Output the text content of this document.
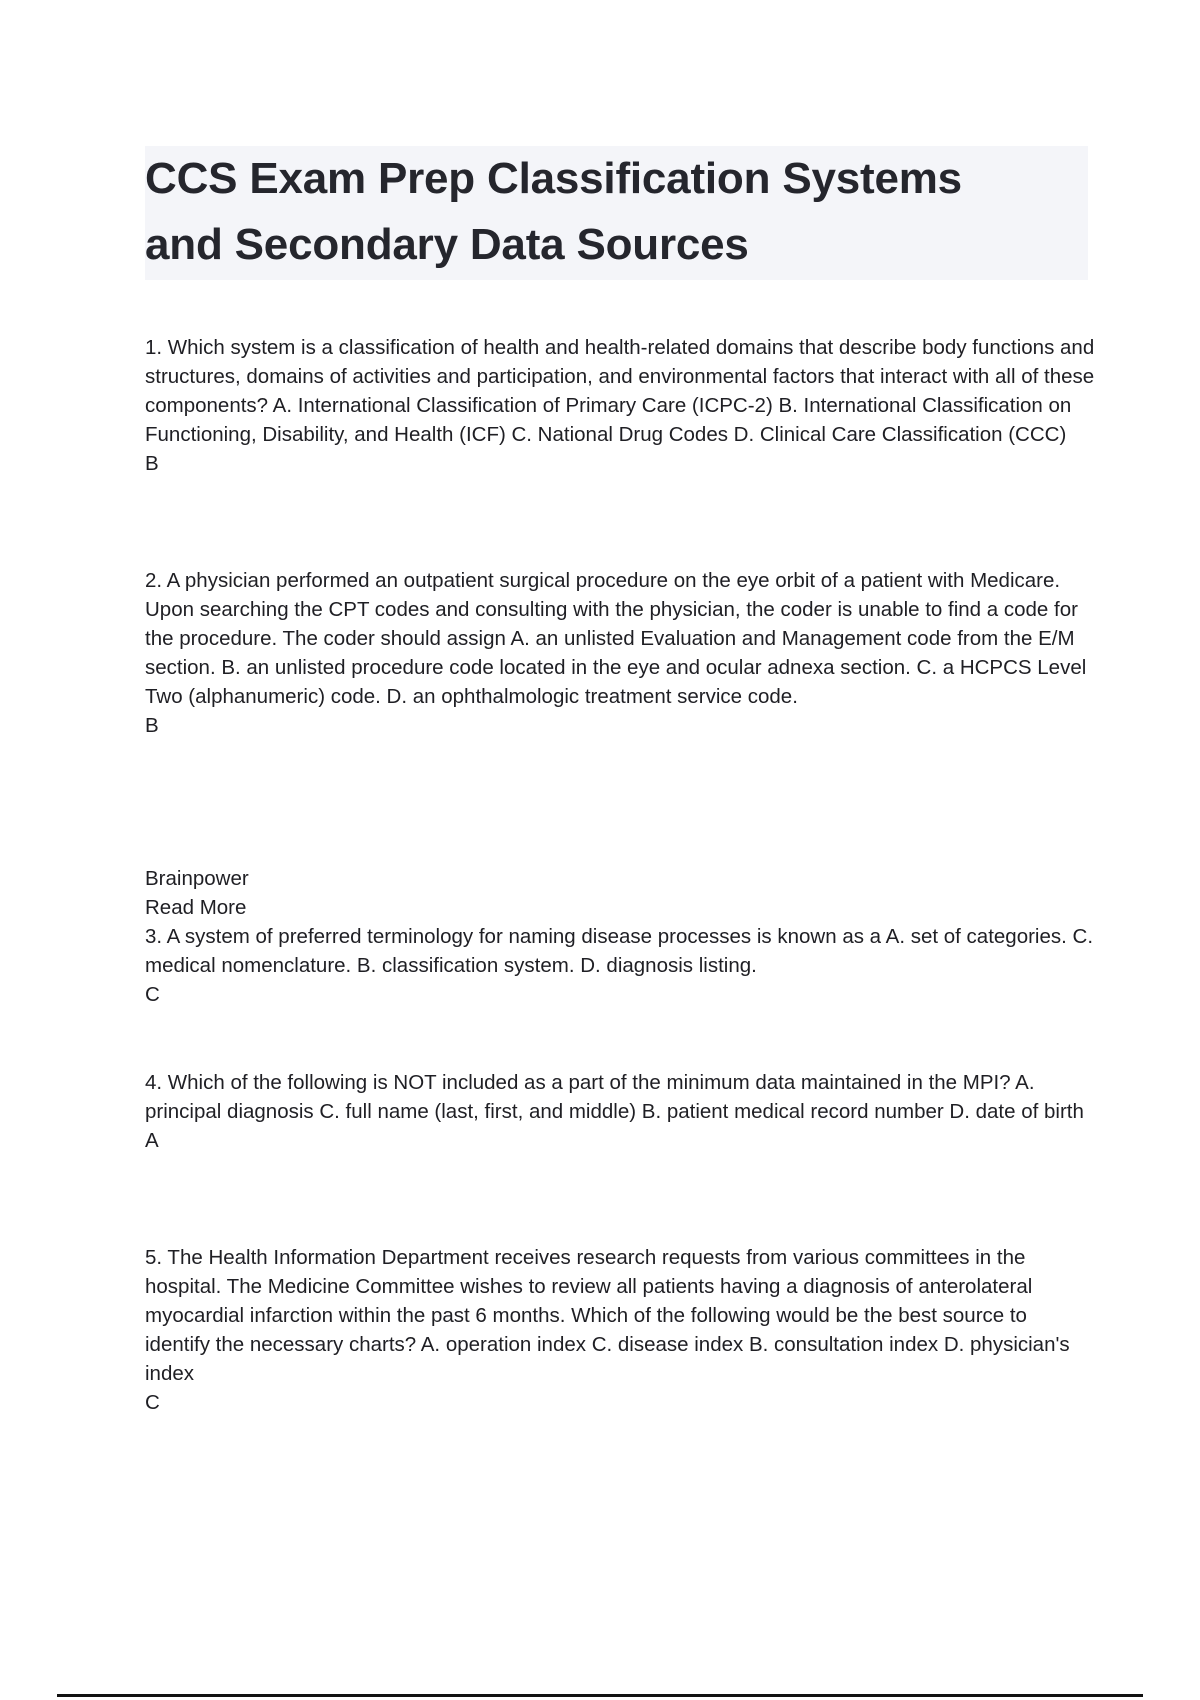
CCS Exam Prep Classification Systems
and Secondary Data Sources

1. Which system is a classification of health and health-related domains that describe body functions and structures, domains of activities and participation, and environmental factors that interact with all of these components? A. International Classification of Primary Care (ICPC-2) B. International Classification on Functioning, Disability, and Health (ICF) C. National Drug Codes D. Clinical Care Classification (CCC)

B

2. A physician performed an outpatient surgical procedure on the eye orbit of a patient with Medicare. Upon searching the CPT codes and consulting with the physician, the coder is unable to find a code for the procedure. The coder should assign A. an unlisted Evaluation and Management code from the E/M section. B. an unlisted procedure code located in the eye and ocular adnexa section. C. a HCPCS Level Two (alphanumeric) code. D. an ophthalmologic treatment service code.

B

Brainpower
Read More

3. A system of preferred terminology for naming disease processes is known as a A. set of categories. C. medical nomenclature. B. classification system. D. diagnosis listing.

C

4. Which of the following is NOT included as a part of the minimum data maintained in the MPI? A. principal diagnosis C. full name (last, first, and middle) B. patient medical record number D. date of birth

A

5. The Health Information Department receives research requests from various committees in the hospital. The Medicine Committee wishes to review all patients having a diagnosis of anterolateral myocardial infarction within the past 6 months. Which of the following would be the best source to identify the necessary charts? A. operation index C. disease index B. consultation index D. physician's index

C
